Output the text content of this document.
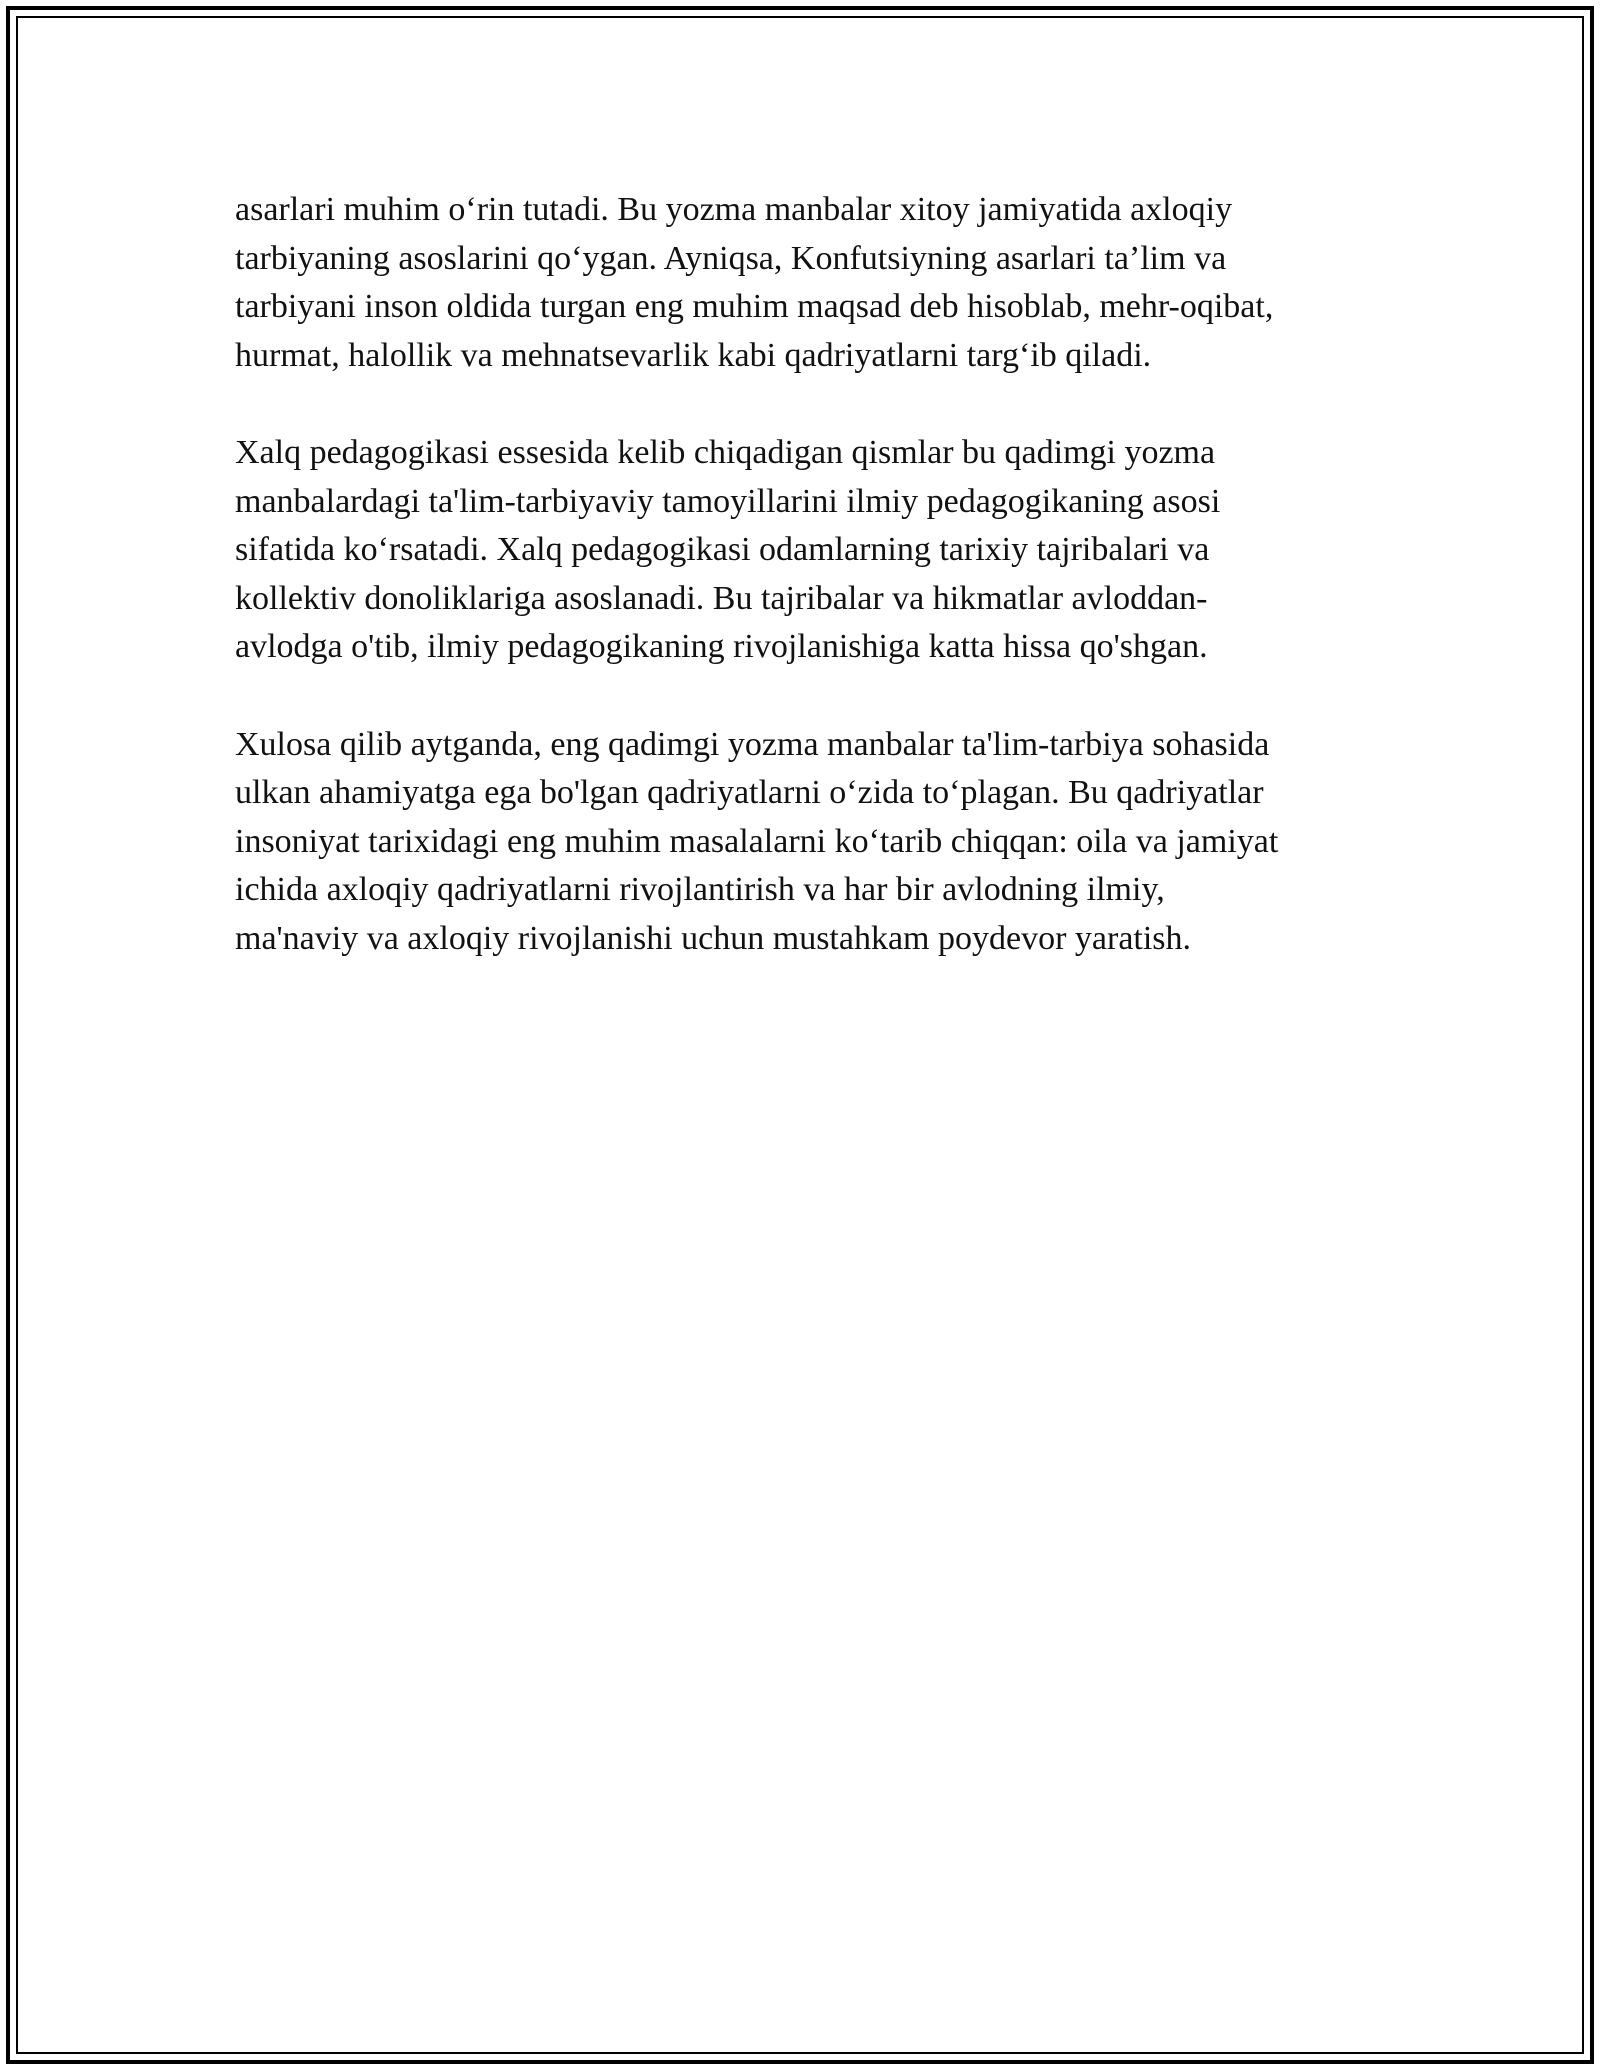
asarlari muhim o‘rin tutadi. Bu yozma manbalar xitoy jamiyatida axloqiy
tarbiyaning asoslarini qo‘ygan. Ayniqsa, Konfutsiyning asarlari ta’lim va
tarbiyani inson oldida turgan eng muhim maqsad deb hisoblab, mehr-oqibat,
hurmat, halollik va mehnatsevarlik kabi qadriyatlarni targ‘ib qiladi.

Xalq pedagogikasi essesida kelib chiqadigan qismlar bu qadimgi yozma
manbalardagi ta'lim-tarbiyaviy tamoyillarini ilmiy pedagogikaning asosi
sifatida ko‘rsatadi. Xalq pedagogikasi odamlarning tarixiy tajribalari va
kollektiv donoliklariga asoslanadi. Bu tajribalar va hikmatlar avloddan-
avlodga o'tib, ilmiy pedagogikaning rivojlanishiga katta hissa qo'shgan.

Xulosa qilib aytganda, eng qadimgi yozma manbalar ta'lim-tarbiya sohasida
ulkan ahamiyatga ega bo'lgan qadriyatlarni o‘zida to‘plagan. Bu qadriyatlar
insoniyat tarixidagi eng muhim masalalarni ko‘tarib chiqqan: oila va jamiyat
ichida axloqiy qadriyatlarni rivojlantirish va har bir avlodning ilmiy,
ma'naviy va axloqiy rivojlanishi uchun mustahkam poydevor yaratish.
